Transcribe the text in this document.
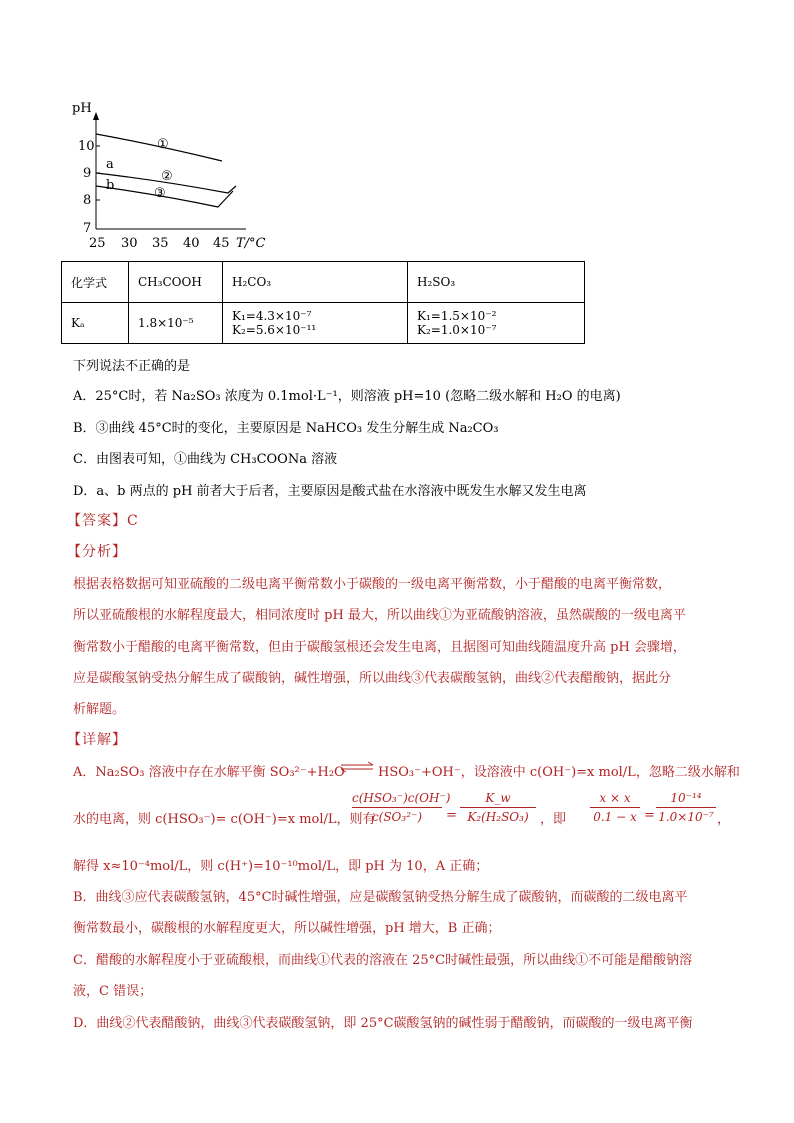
pH
10
9
8
7
25 30 35 40 45 T/°C
①
②
③
a
b
化学式	CH₃COOH	H₂CO₃	H₂SO₃
Kₐ	1.8×10⁻⁵	K₁=4.3×10⁻⁷ K₂=5.6×10⁻¹¹	K₁=1.5×10⁻² K₂=1.0×10⁻⁷
下列说法不正确的是
A．25°C时，若 Na₂SO₃ 浓度为 0.1mol·L⁻¹，则溶液 pH=10 (忽略二级水解和 H₂O 的电离)
B．③曲线 45°C时的变化，主要原因是 NaHCO₃ 发生分解生成 Na₂CO₃
C．由图表可知，①曲线为 CH₃COONa 溶液
D．a、b 两点的 pH 前者大于后者，主要原因是酸式盐在水溶液中既发生水解又发生电离
【答案】C
【分析】
根据表格数据可知亚硫酸的二级电离平衡常数小于碳酸的一级电离平衡常数，小于醋酸的电离平衡常数，
所以亚硫酸根的水解程度最大，相同浓度时 pH 最大，所以曲线①为亚硫酸钠溶液，虽然碳酸的一级电离平
衡常数小于醋酸的电离平衡常数，但由于碳酸氢根还会发生电离，且据图可知曲线随温度升高 pH 会骤增，
应是碳酸氢钠受热分解生成了碳酸钠，碱性增强，所以曲线③代表碳酸氢钠，曲线②代表醋酸钠，据此分
析解题。
【详解】
A．Na₂SO₃ 溶液中存在水解平衡 SO₃²⁻+H₂O	HSO₃⁻+OH⁻，设溶液中 c(OH⁻)=x mol/L，忽略二级水解和
水的电离，则 c(HSO₃⁻)= c(OH⁻)=x mol/L，则有
c(HSO₃⁻)c(OH⁻)
c(SO₃²⁻)	=
K_w
K₂(H₂SO₃) ，即
x × x
0.1 − x =
10⁻¹⁴
1.0×10⁻⁷ ，
解得 x≈10⁻⁴mol/L，则 c(H⁺)=10⁻¹⁰mol/L，即 pH 为 10，A 正确；
B．曲线③应代表碳酸氢钠，45°C时碱性增强，应是碳酸氢钠受热分解生成了碳酸钠，而碳酸的二级电离平
衡常数最小，碳酸根的水解程度更大，所以碱性增强，pH 增大，B 正确；
C．醋酸的水解程度小于亚硫酸根，而曲线①代表的溶液在 25°C时碱性最强，所以曲线①不可能是醋酸钠溶
液，C 错误；
D．曲线②代表醋酸钠，曲线③代表碳酸氢钠，即 25°C碳酸氢钠的碱性弱于醋酸钠，而碳酸的一级电离平衡
